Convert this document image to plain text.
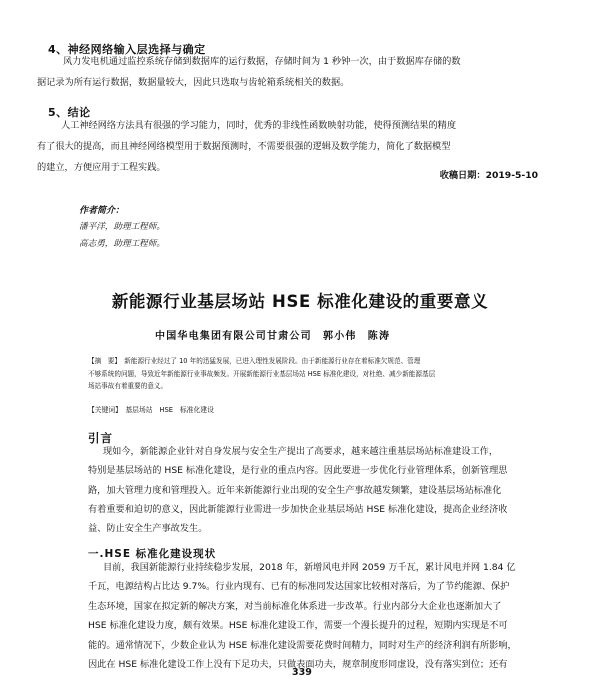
4、神经网络输入层选择与确定
风力发电机通过监控系统存储到数据库的运行数据，存储时间为 1 秒钟一次，由于数据库存储的数
据记录为所有运行数据，数据量较大，因此只选取与齿轮箱系统相关的数据。
5、结论
人工神经网络方法具有很强的学习能力，同时，优秀的非线性函数映射功能，使得预测结果的精度
有了很大的提高，而且神经网络模型用于数据预测时，不需要很强的逻辑及数学能力，简化了数据模型
的建立，方便应用于工程实践。
收稿日期：2019-5-10
作者简介：
潘平洋，助理工程师。
高志勇，助理工程师。
新能源行业基层场站 HSE 标准化建设的重要意义
中国华电集团有限公司甘肃公司　郭小伟　陈涛
【摘　要】　新能源行业经过了 10 年的迅猛发展，已进入理性发展阶段。由于新能源行业存在着标准欠规范、管理
不够系统的问题，导致近年新能源行业事故频发。开展新能源行业基层场站 HSE 标准化建设，对杜绝、减少新能源基层
场站事故有着重要的意义。
【关键词】　基层场站　HSE　标准化建设
引言
现如今，新能源企业针对自身发展与安全生产提出了高要求，越来越注重基层场站标准建设工作，
特别是基层场站的 HSE 标准化建设，是行业的重点内容。因此要进一步优化行业管理体系，创新管理思
路，加大管理力度和管理投入。近年来新能源行业出现的安全生产事故越发频繁，建设基层场站标准化
有着重要和迫切的意义，因此新能源行业需进一步加快企业基层场站 HSE 标准化建设，提高企业经济收
益、防止安全生产事故发生。
一.HSE 标准化建设现状
目前，我国新能源行业持续稳步发展，2018 年，新增风电并网 2059 万千瓦，累计风电并网 1.84 亿
千瓦，电源结构占比达 9.7%。行业内现有、已有的标准同发达国家比较相对落后，为了节约能源、保护
生态环境，国家在拟定新的解决方案，对当前标准化体系进一步改革。行业内部分大企业也逐渐加大了
HSE 标准化建设力度，颇有效果。HSE 标准化建设工作，需要一个漫长提升的过程，短期内实现是不可
能的。通常情况下，少数企业认为 HSE 标准化建设需要花费时间精力，同时对生产的经济利润有所影响，
因此在 HSE 标准化建设工作上没有下足功夫，只做表面功夫，规章制度形同虚设，没有落实到位；还有
339
